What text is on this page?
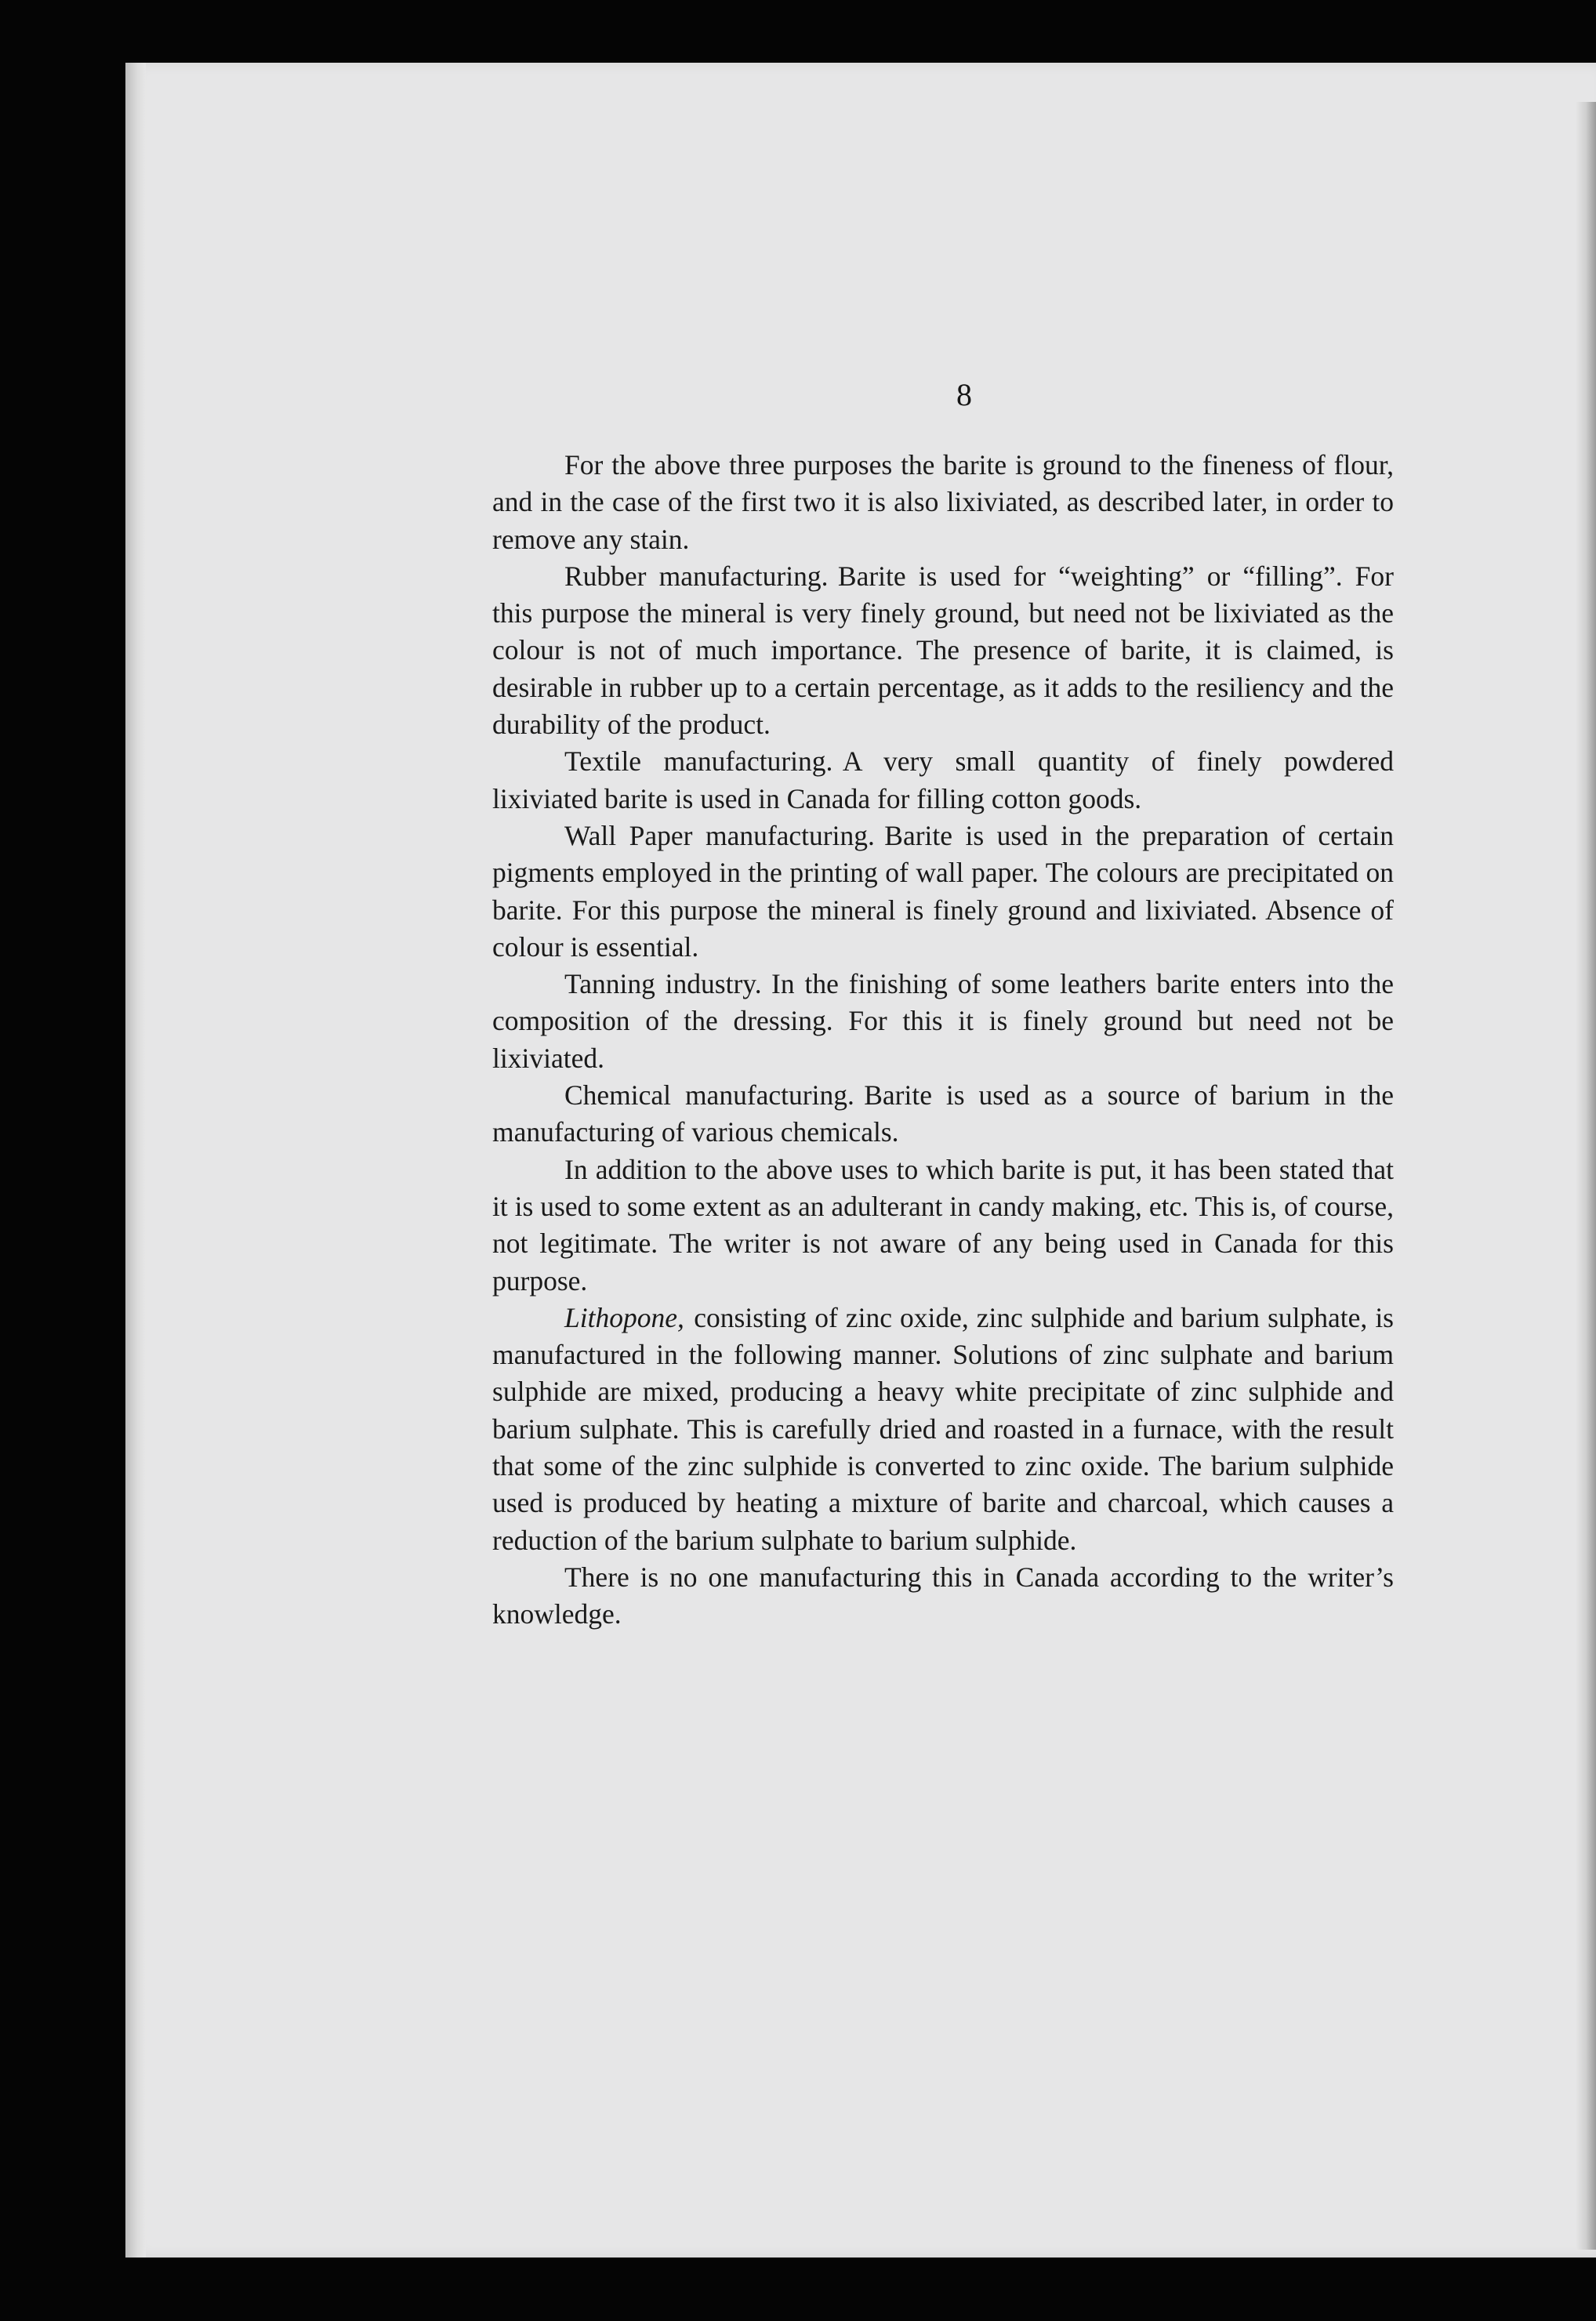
8

For the above three purposes the barite is ground to the fineness of flour, and in the case of the first two it is also lixiviated, as described later, in order to remove any stain.

Rubber manufacturing. Barite is used for “weighting” or “filling”. For this purpose the mineral is very finely ground, but need not be lixiviated as the colour is not of much importance. The presence of barite, it is claimed, is desirable in rubber up to a certain percentage, as it adds to the resiliency and the durability of the product.

Textile manufacturing. A very small quantity of finely powdered lixiviated barite is used in Canada for filling cotton goods.

Wall Paper manufacturing. Barite is used in the preparation of certain pigments employed in the printing of wall paper. The colours are precipitated on barite. For this purpose the mineral is finely ground and lixiviated. Absence of colour is essential.

Tanning industry. In the finishing of some leathers barite enters into the composition of the dressing. For this it is finely ground but need not be lixiviated.

Chemical manufacturing. Barite is used as a source of barium in the manufacturing of various chemicals.

In addition to the above uses to which barite is put, it has been stated that it is used to some extent as an adulterant in candy making, etc. This is, of course, not legitimate. The writer is not aware of any being used in Canada for this purpose.

Lithopone, consisting of zinc oxide, zinc sulphide and barium sulphate, is manufactured in the following manner. Solutions of zinc sulphate and barium sulphide are mixed, producing a heavy white precipitate of zinc sulphide and barium sulphate. This is carefully dried and roasted in a furnace, with the result that some of the zinc sulphide is converted to zinc oxide. The barium sulphide used is produced by heating a mixture of barite and charcoal, which causes a reduction of the barium sulphate to barium sulphide.

There is no one manufacturing this in Canada according to the writer’s knowledge.
